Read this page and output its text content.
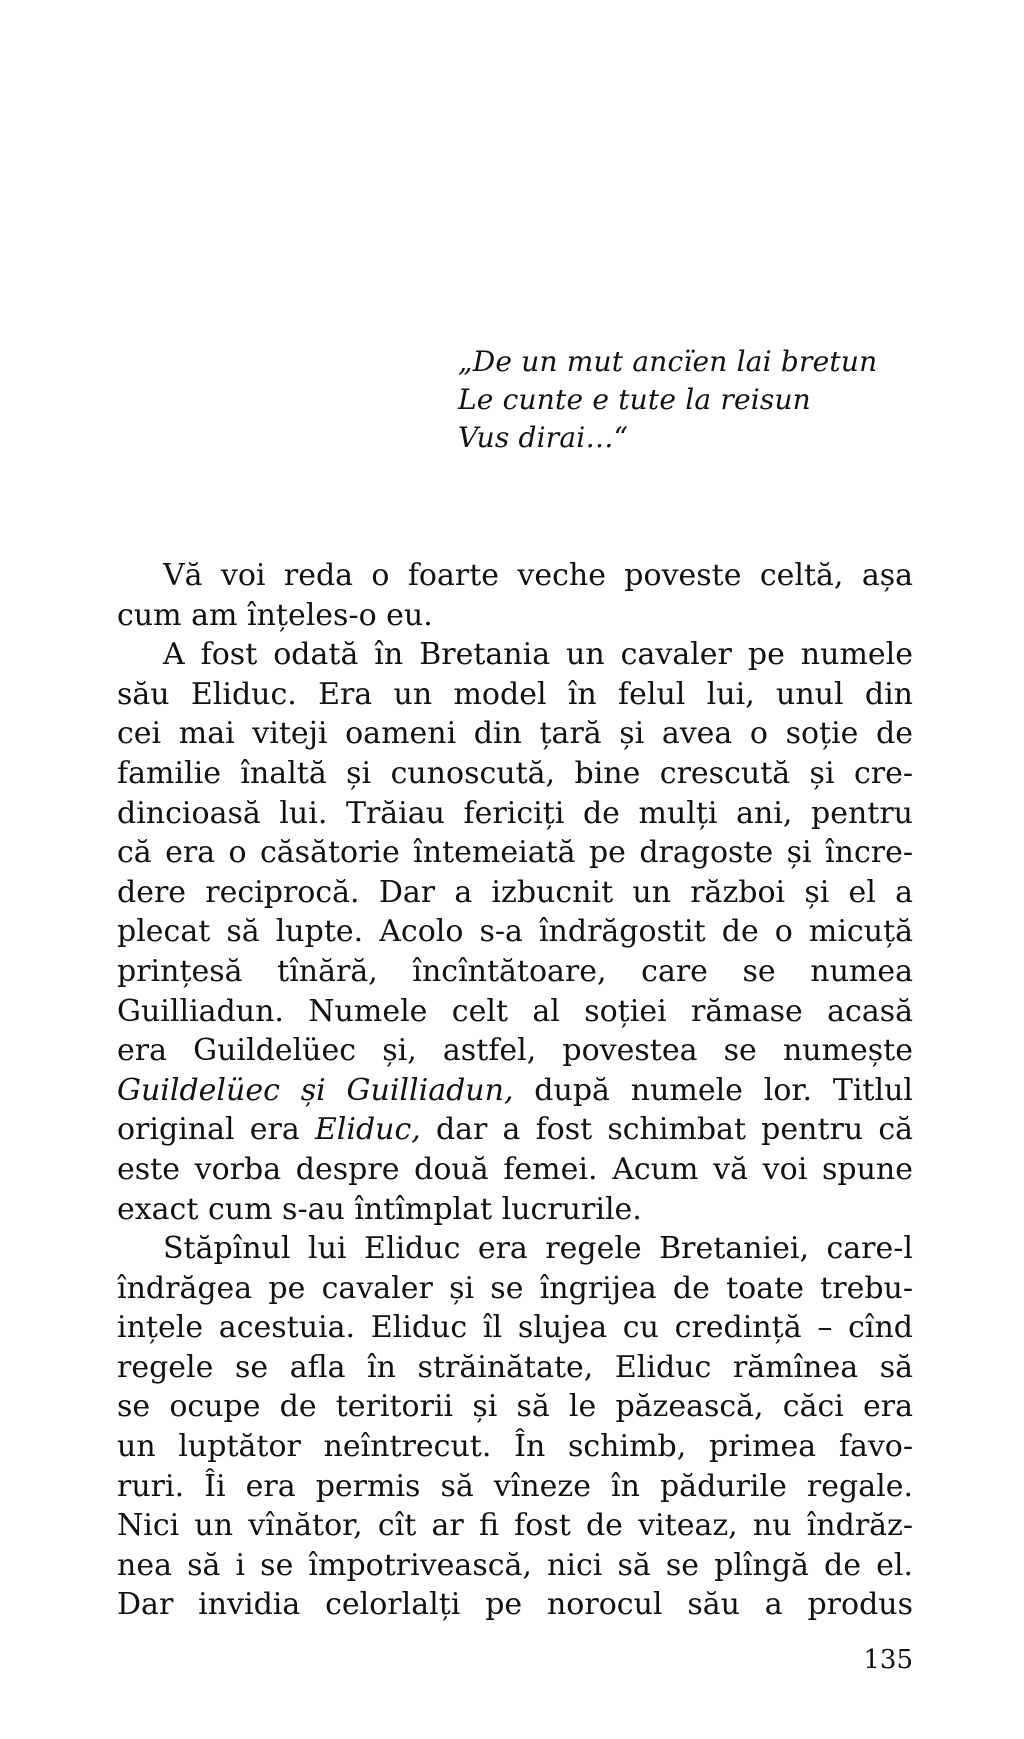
„De un mut ancïen lai bretun
Le cunte e tute la reisun
Vus dirai…“
Vă voi reda o foarte veche poveste celtă, așa
cum am înțeles-o eu.
A fost odată în Bretania un cavaler pe numele
său Eliduc. Era un model în felul lui, unul din
cei mai viteji oameni din țară și avea o soție de
familie înaltă și cunoscută, bine crescută și cre-
dincioasă lui. Trăiau fericiți de mulți ani, pentru
că era o căsătorie întemeiată pe dragoste și încre-
dere reciprocă. Dar a izbucnit un război și el a
plecat să lupte. Acolo s-a îndrăgostit de o micuță
prințesă tînără, încîntătoare, care se numea
Guilliadun. Numele celt al soției rămase acasă
era Guildelüec și, astfel, povestea se numește
Guildelüec și Guilliadun, după numele lor. Titlul
original era Eliduc, dar a fost schimbat pentru că
este vorba despre două femei. Acum vă voi spune
exact cum s-au întîmplat lucrurile.
Stăpînul lui Eliduc era regele Bretaniei, care-l
îndrăgea pe cavaler și se îngrijea de toate trebu-
ințele acestuia. Eliduc îl slujea cu credință – cînd
regele se afla în străinătate, Eliduc rămînea să
se ocupe de teritorii și să le păzească, căci era
un luptător neîntrecut. În schimb, primea favo-
ruri. Îi era permis să vîneze în pădurile regale.
Nici un vînător, cît ar fi fost de viteaz, nu îndrăz-
nea să i se împotrivească, nici să se plîngă de el.
Dar invidia celorlalți pe norocul său a produs
135
